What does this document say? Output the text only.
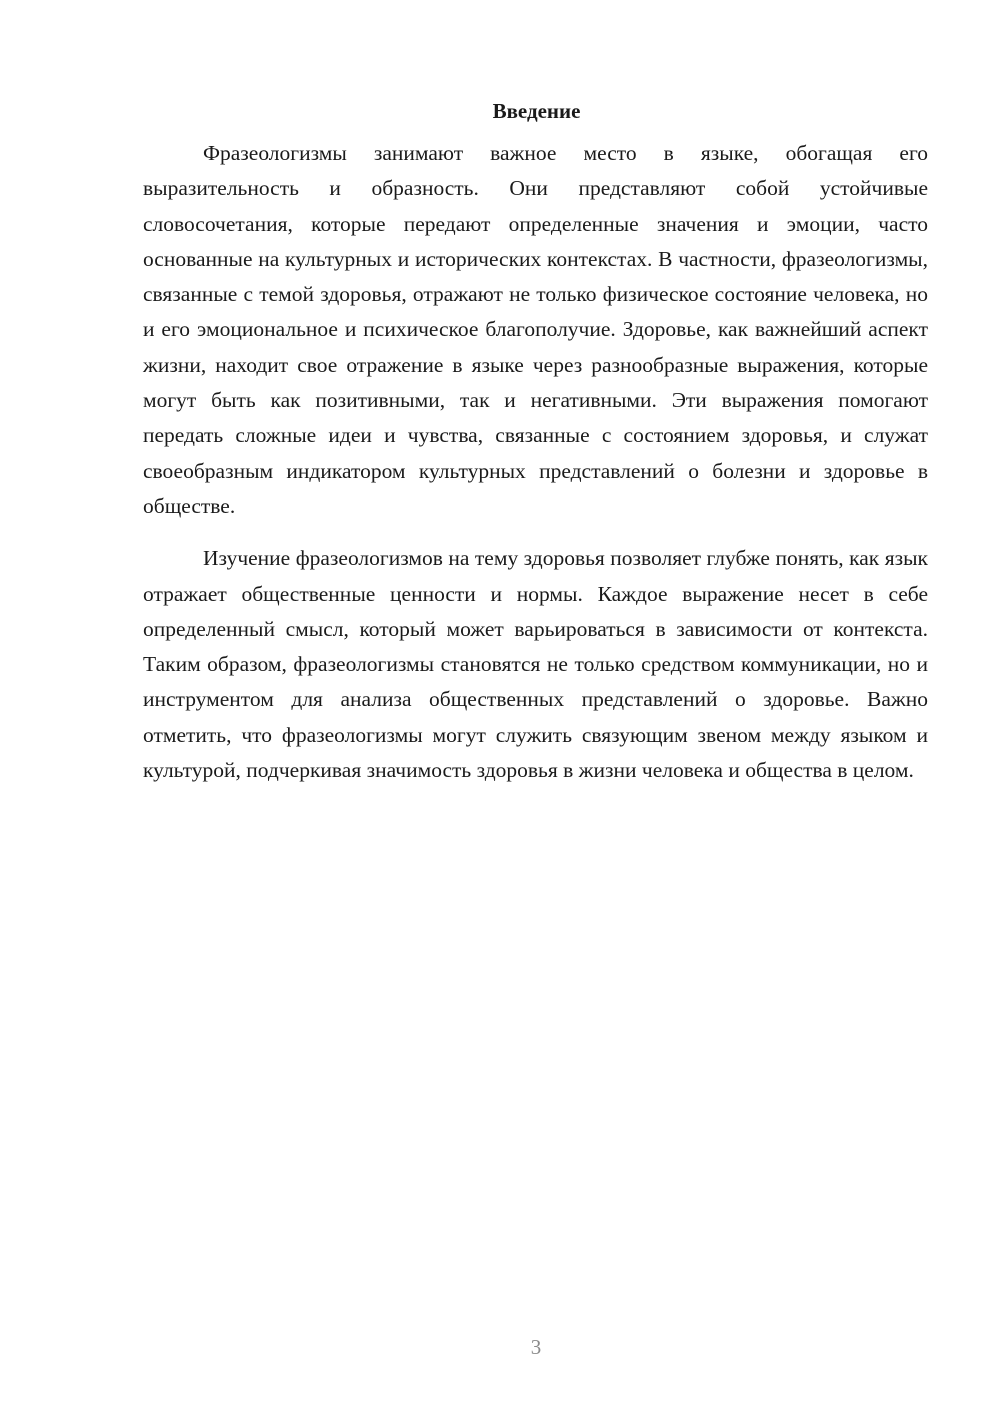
Введение

Фразеологизмы занимают важное место в языке, обогащая его выразительность и образность. Они представляют собой устойчивые словосочетания, которые передают определенные значения и эмоции, часто основанные на культурных и исторических контекстах. В частности, фразеологизмы, связанные с темой здоровья, отражают не только физическое состояние человека, но и его эмоциональное и психическое благополучие. Здоровье, как важнейший аспект жизни, находит свое отражение в языке через разнообразные выражения, которые могут быть как позитивными, так и негативными. Эти выражения помогают передать сложные идеи и чувства, связанные с состоянием здоровья, и служат своеобразным индикатором культурных представлений о болезни и здоровье в обществе.

Изучение фразеологизмов на тему здоровья позволяет глубже понять, как язык отражает общественные ценности и нормы. Каждое выражение несет в себе определенный смысл, который может варьироваться в зависимости от контекста. Таким образом, фразеологизмы становятся не только средством коммуникации, но и инструментом для анализа общественных представлений о здоровье. Важно отметить, что фразеологизмы могут служить связующим звеном между языком и культурой, подчеркивая значимость здоровья в жизни человека и общества в целом.

3
